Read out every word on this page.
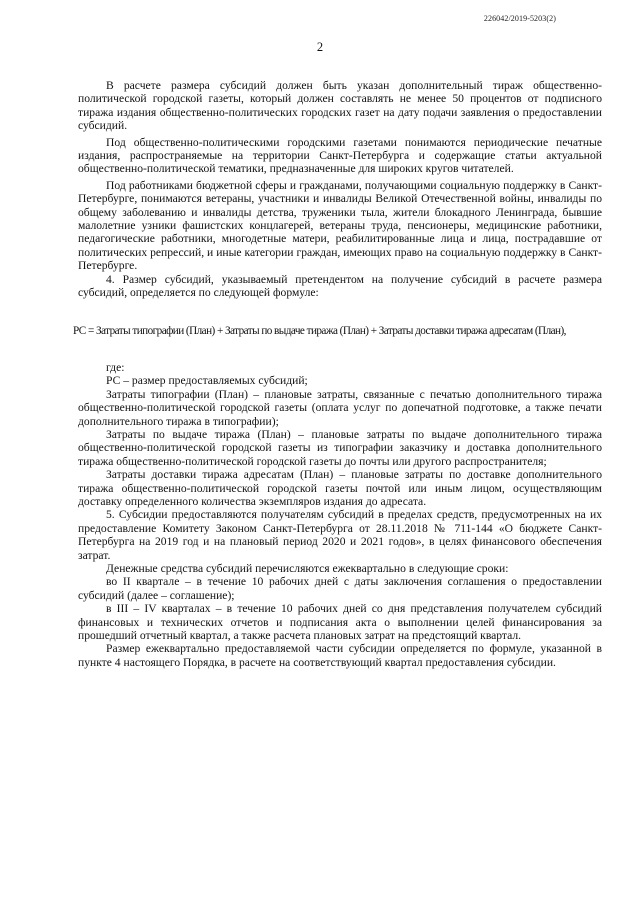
226042/2019-5203(2)
2

В расчете размера субсидий должен быть указан дополнительный тираж общественно-политической городской газеты, который должен составлять не менее 50 процентов от подписного тиража издания общественно-политических городских газет на дату подачи заявления о предоставлении субсидий.

Под общественно-политическими городскими газетами понимаются периодические печатные издания, распространяемые на территории Санкт-Петербурга и содержащие статьи актуальной общественно-политической тематики, предназначенные для широких кругов читателей.

Под работниками бюджетной сферы и гражданами, получающими социальную поддержку в Санкт-Петербурге, понимаются ветераны, участники и инвалиды Великой Отечественной войны, инвалиды по общему заболеванию и инвалиды детства, труженики тыла, жители блокадного Ленинграда, бывшие малолетние узники фашистских концлагерей, ветераны труда, пенсионеры, медицинские работники, педагогические работники, многодетные матери, реабилитированные лица и лица, пострадавшие от политических репрессий, и иные категории граждан, имеющих право на социальную поддержку в Санкт-Петербурге.

4. Размер субсидий, указываемый претендентом на получение субсидий в расчете размера субсидий, определяется по следующей формуле:

РС = Затраты типографии (План) + Затраты по выдаче тиража (План) + Затраты доставки тиража адресатам (План),

где:

РС – размер предоставляемых субсидий;

Затраты типографии (План) – плановые затраты, связанные с печатью дополнительного тиража общественно-политической городской газеты (оплата услуг по допечатной подготовке, а также печати дополнительного тиража в типографии);

Затраты по выдаче тиража (План) – плановые затраты по выдаче дополнительного тиража общественно-политической городской газеты из типографии заказчику и доставка дополнительного тиража общественно-политической городской газеты до почты или другого распространителя;

Затраты доставки тиража адресатам (План) – плановые затраты по доставке дополнительного тиража общественно-политической городской газеты почтой или иным лицом, осуществляющим доставку определенного количества экземпляров издания до адресата.

5. Субсидии предоставляются получателям субсидий в пределах средств, предусмотренных на их предоставление Комитету Законом Санкт-Петербурга от 28.11.2018 № 711-144 «О бюджете Санкт-Петербурга на 2019 год и на плановый период 2020 и 2021 годов», в целях финансового обеспечения затрат.

Денежные средства субсидий перечисляются ежеквартально в следующие сроки:

во II квартале – в течение 10 рабочих дней с даты заключения соглашения о предоставлении субсидий (далее – соглашение);

в III – IV кварталах – в течение 10 рабочих дней со дня представления получателем субсидий финансовых и технических отчетов и подписания акта о выполнении целей финансирования за прошедший отчетный квартал, а также расчета плановых затрат на предстоящий квартал.

Размер ежеквартально предоставляемой части субсидии определяется по формуле, указанной в пункте 4 настоящего Порядка, в расчете на соответствующий квартал предоставления субсидии.
